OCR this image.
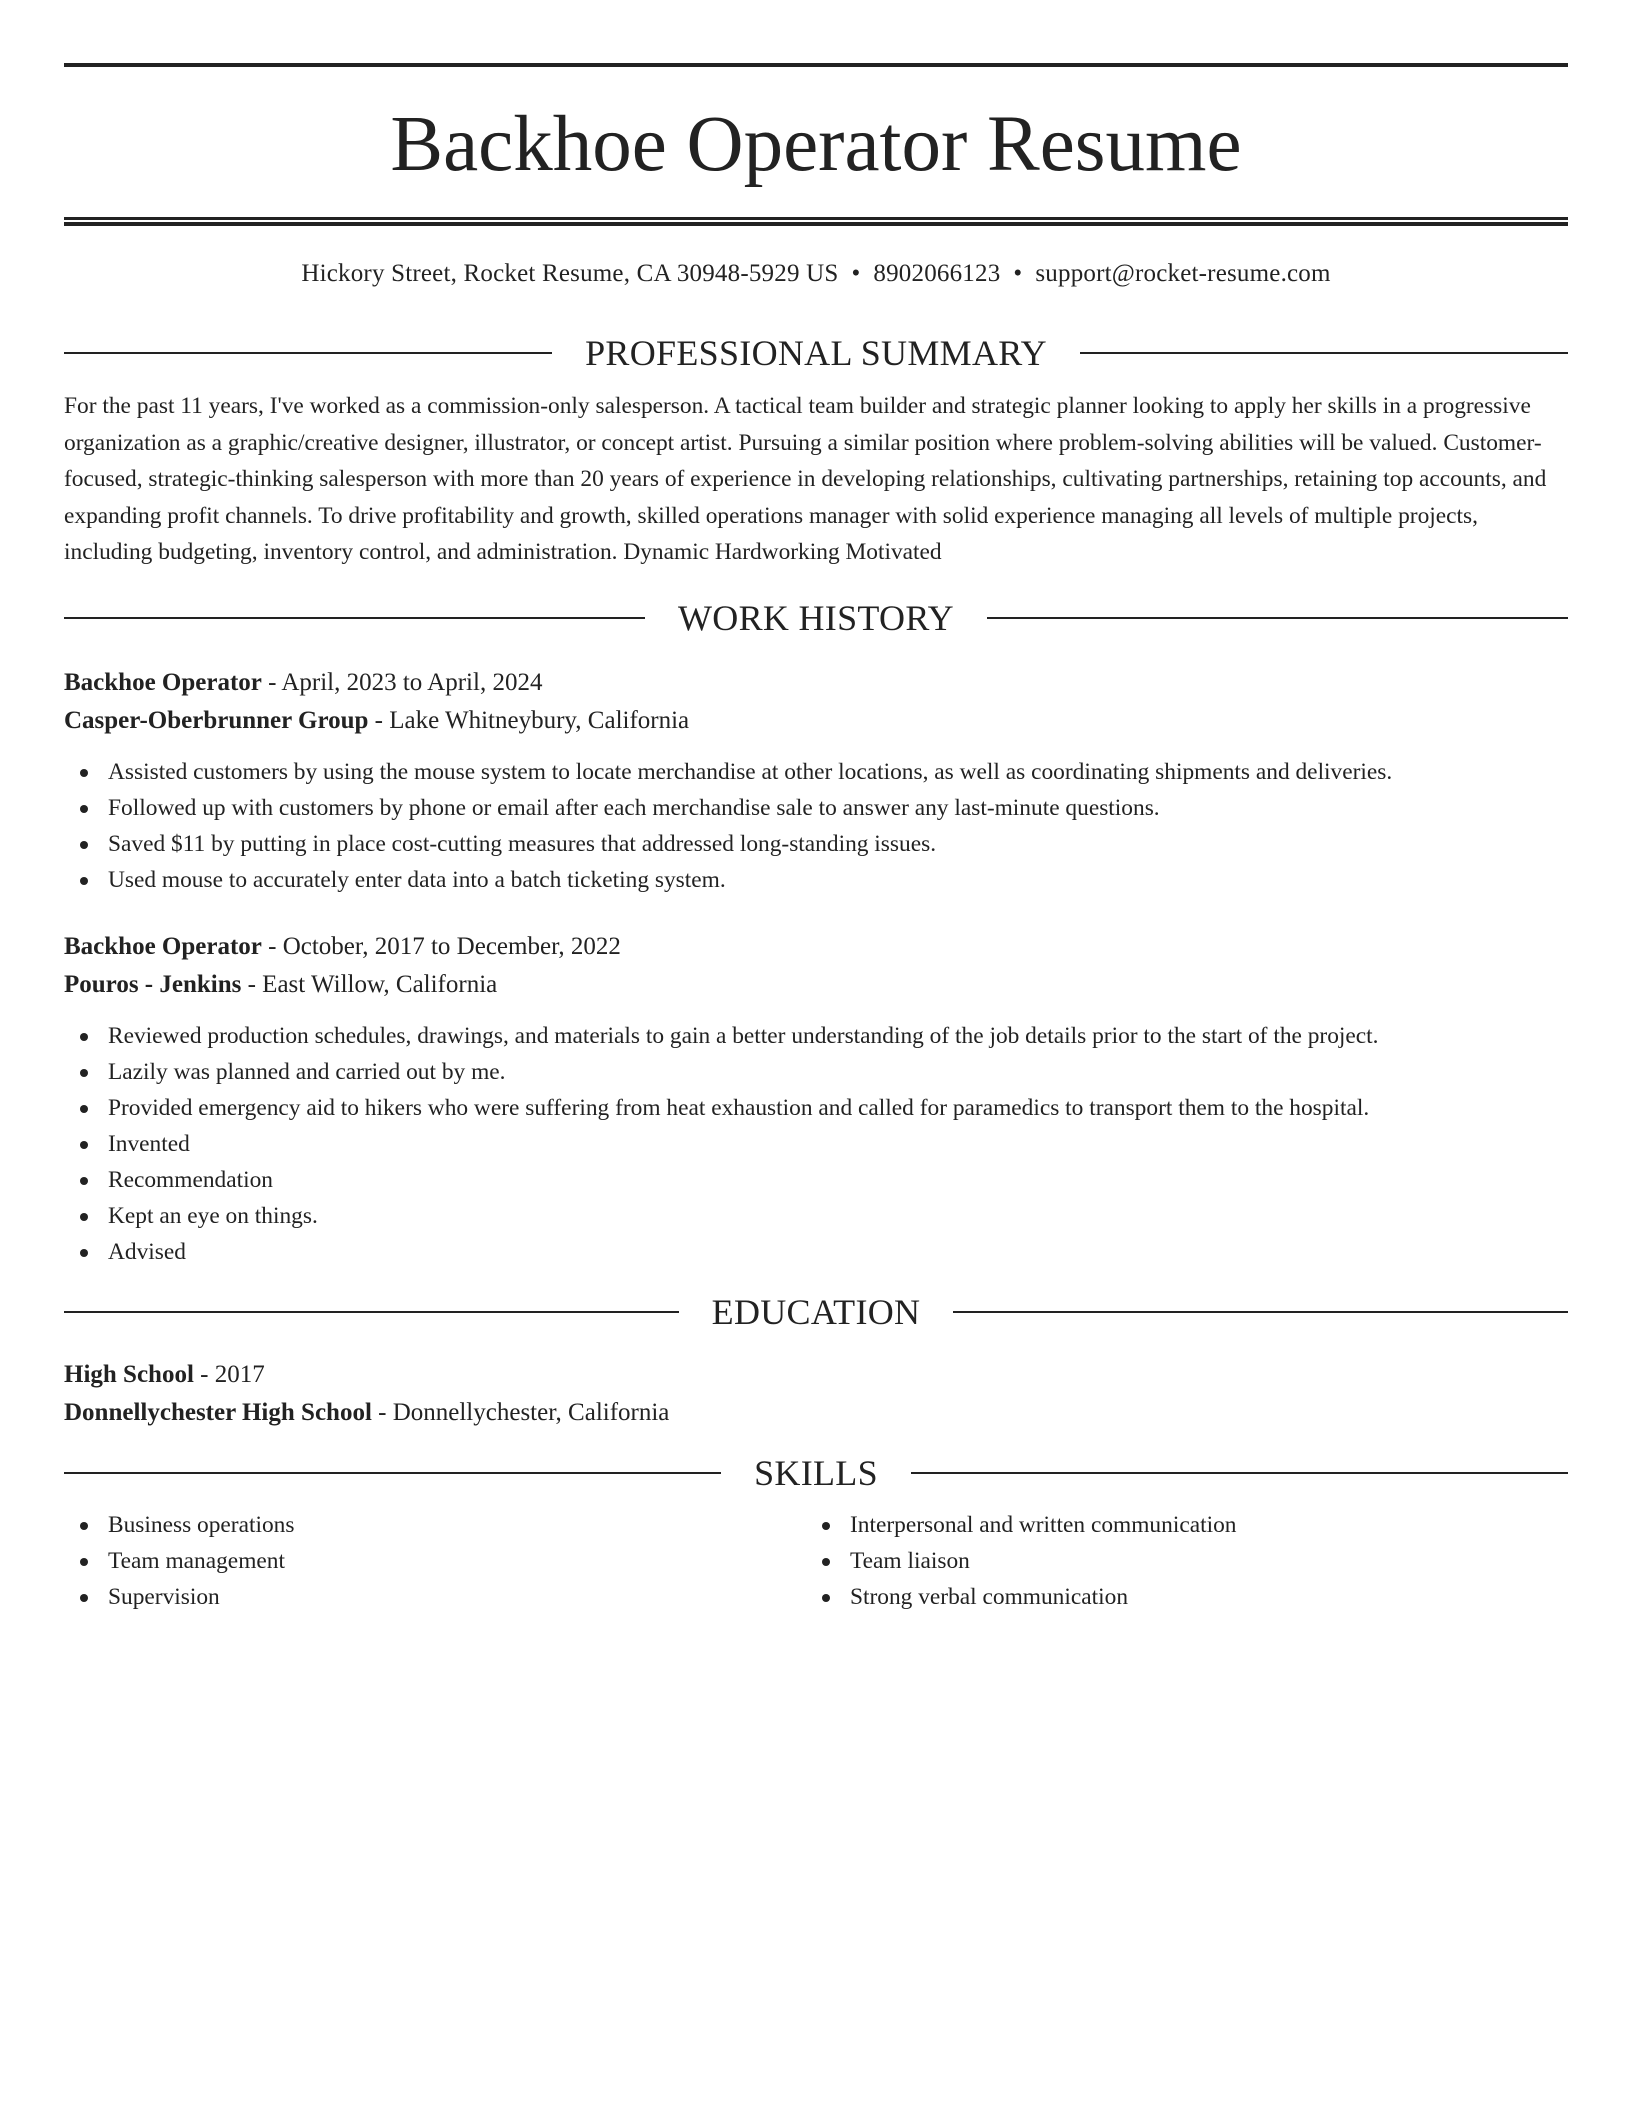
Backhoe Operator Resume
Hickory Street, Rocket Resume, CA 30948-5929 US • 8902066123 • support@rocket-resume.com
PROFESSIONAL SUMMARY

For the past 11 years, I've worked as a commission-only salesperson. A tactical team builder and strategic planner looking to apply her skills in a progressive organization as a graphic/creative designer, illustrator, or concept artist. Pursuing a similar position where problem-solving abilities will be valued. Customer-focused, strategic-thinking salesperson with more than 20 years of experience in developing relationships, cultivating partnerships, retaining top accounts, and expanding profit channels. To drive profitability and growth, skilled operations manager with solid experience managing all levels of multiple projects, including budgeting, inventory control, and administration. Dynamic Hardworking Motivated

WORK HISTORY
Backhoe Operator - April, 2023 to April, 2024
Casper-Oberbrunner Group - Lake Whitneybury, California
Assisted customers by using the mouse system to locate merchandise at other locations, as well as coordinating shipments and deliveries.
Followed up with customers by phone or email after each merchandise sale to answer any last-minute questions.
Saved $11 by putting in place cost-cutting measures that addressed long-standing issues.
Used mouse to accurately enter data into a batch ticketing system.
Backhoe Operator - October, 2017 to December, 2022
Pouros - Jenkins - East Willow, California
Reviewed production schedules, drawings, and materials to gain a better understanding of the job details prior to the start of the project.
Lazily was planned and carried out by me.
Provided emergency aid to hikers who were suffering from heat exhaustion and called for paramedics to transport them to the hospital.
Invented
Recommendation
Kept an eye on things.
Advised
EDUCATION
High School - 2017
Donnellychester High School - Donnellychester, California
SKILLS
Business operations
Team management
Supervision
Interpersonal and written communication
Team liaison
Strong verbal communication
